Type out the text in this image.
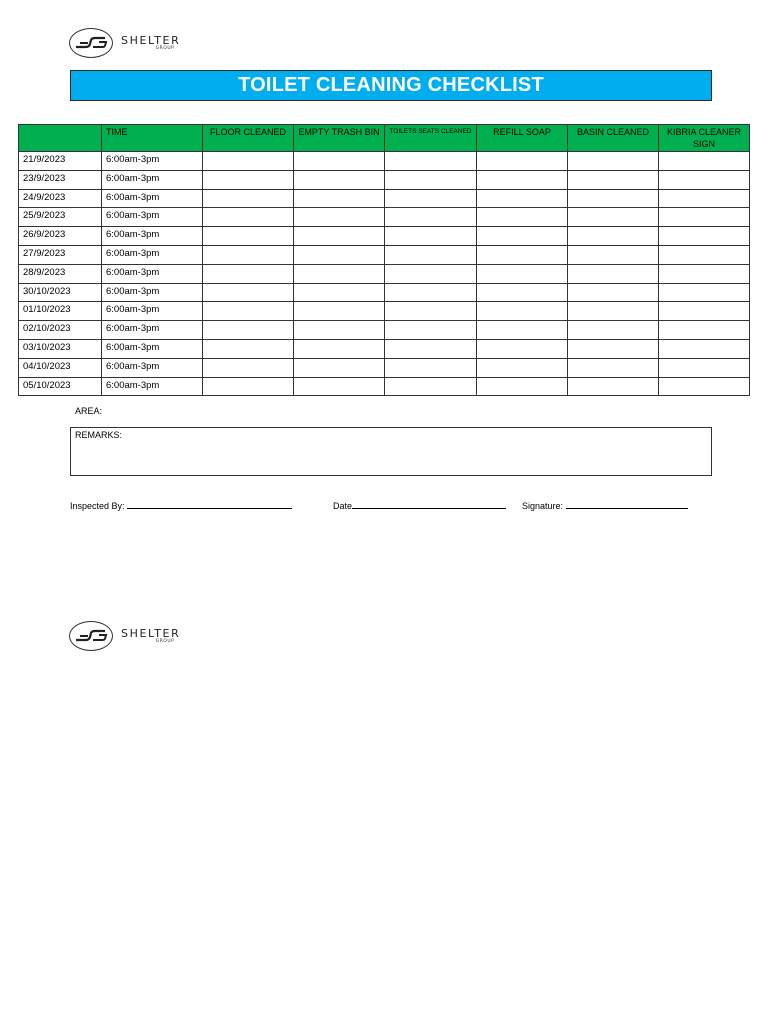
SHELTER
GROUP
TOILET CLEANING CHECKLIST
	TIME	FLOOR CLEANED	EMPTY TRASH BIN	TOILETS SEATS CLEANED	REFILL SOAP	BASIN CLEANED	KIBRIA CLEANER SIGN
21/9/2023	6:00am-3pm						
23/9/2023	6:00am-3pm						
24/9/2023	6:00am-3pm						
25/9/2023	6:00am-3pm						
26/9/2023	6:00am-3pm						
27/9/2023	6:00am-3pm						
28/9/2023	6:00am-3pm						
30/10/2023	6:00am-3pm						
01/10/2023	6:00am-3pm						
02/10/2023	6:00am-3pm						
03/10/2023	6:00am-3pm						
04/10/2023	6:00am-3pm						
05/10/2023	6:00am-3pm						
AREA:
REMARKS:
Inspected By:	Date	Signature:
SHELTER
GROUP
